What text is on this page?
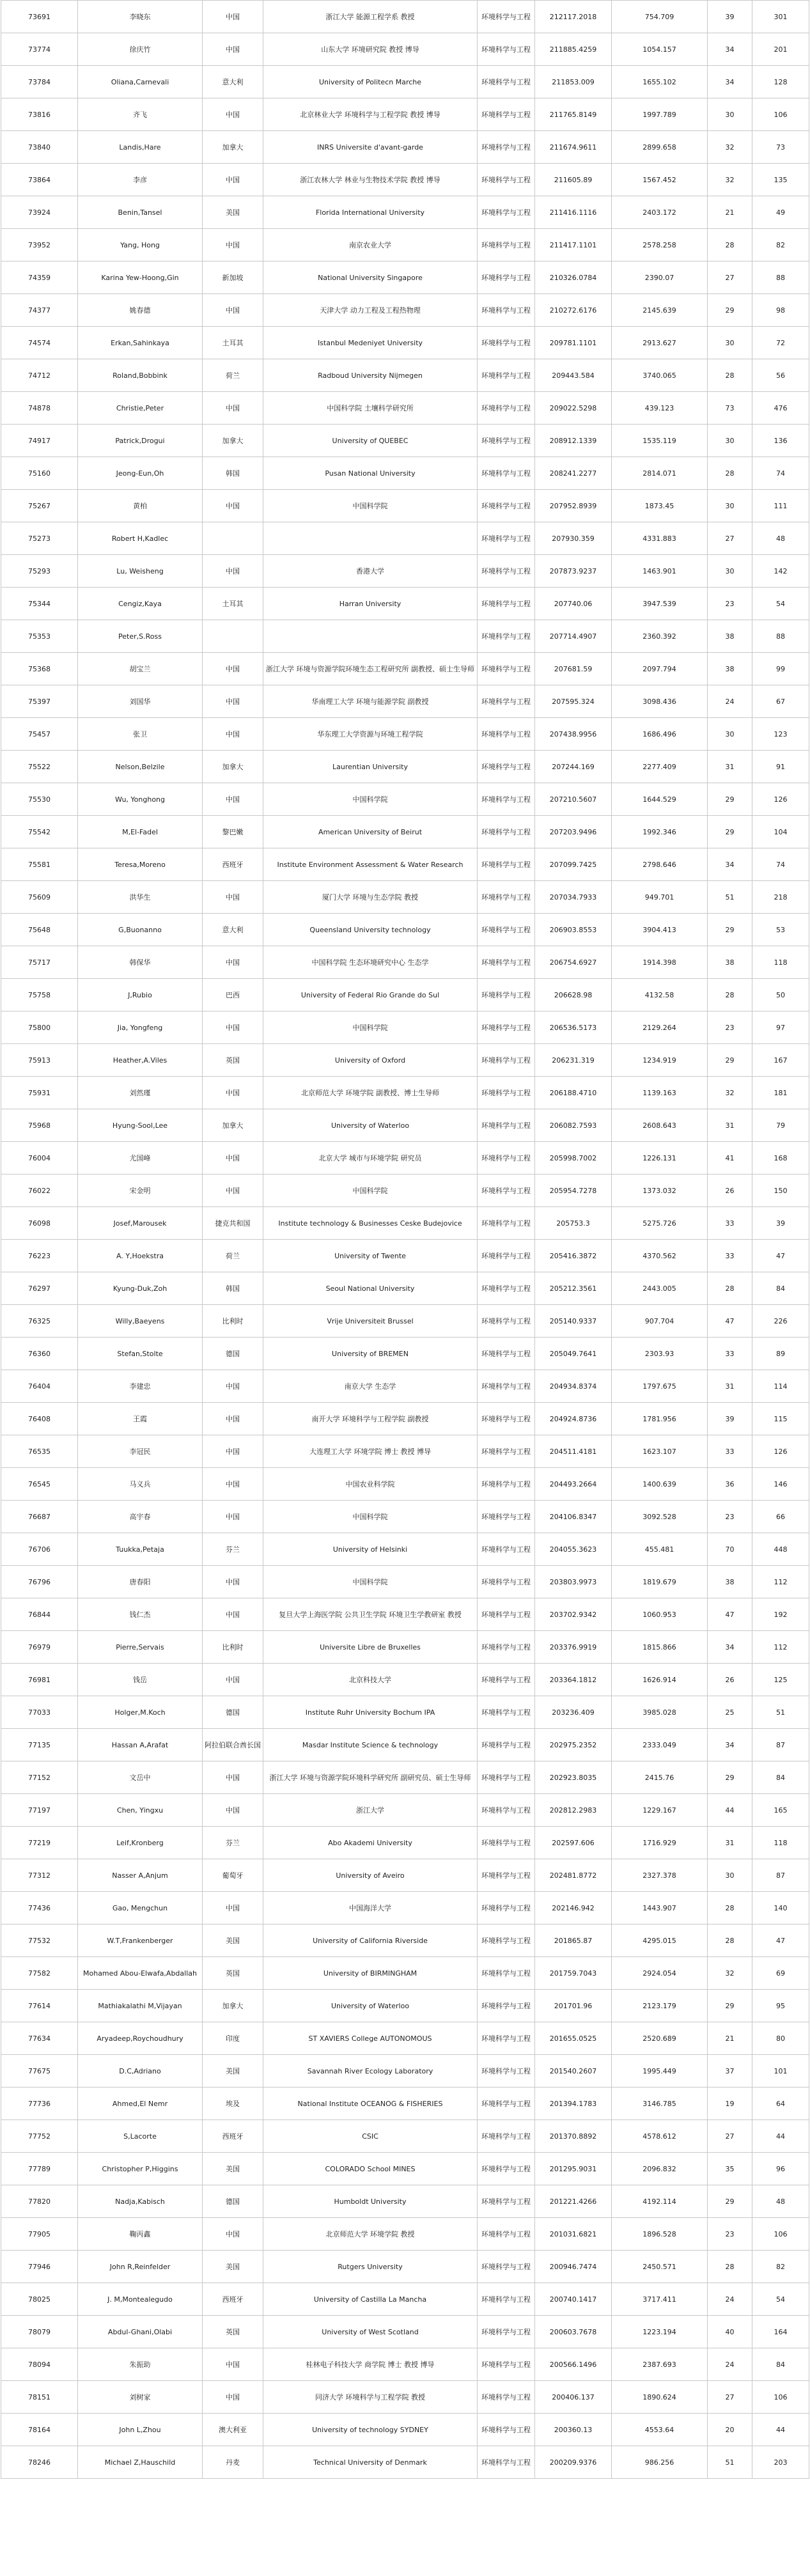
73691	李晓东	中国	浙江大学 能源工程学系 教授	环境科学与工程	212117.2018	754.709	39	301
73774	徐庆竹	中国	山东大学 环境研究院 教授 博导	环境科学与工程	211885.4259	1054.157	34	201
73784	Oliana,Carnevali	意大利	University of Politecn Marche	环境科学与工程	211853.009	1655.102	34	128
73816	齐飞	中国	北京林业大学 环境科学与工程学院 教授 博导	环境科学与工程	211765.8149	1997.789	30	106
73840	Landis,Hare	加拿大	INRS Universite d'avant-garde	环境科学与工程	211674.9611	2899.658	32	73
73864	李彦	中国	浙江农林大学 林业与生物技术学院 教授 博导	环境科学与工程	211605.89	1567.452	32	135
73924	Benin,Tansel	美国	Florida International University	环境科学与工程	211416.1116	2403.172	21	49
73952	Yang, Hong	中国	南京农业大学	环境科学与工程	211417.1101	2578.258	28	82
74359	Karina Yew-Hoong,Gin	新加坡	National University Singapore	环境科学与工程	210326.0784	2390.07	27	88
74377	姚春德	中国	天津大学 动力工程及工程热物理	环境科学与工程	210272.6176	2145.639	29	98
74574	Erkan,Sahinkaya	土耳其	Istanbul Medeniyet University	环境科学与工程	209781.1101	2913.627	30	72
74712	Roland,Bobbink	荷兰	Radboud University Nijmegen	环境科学与工程	209443.584	3740.065	28	56
74878	Christie,Peter	中国	中国科学院 土壤科学研究所	环境科学与工程	209022.5298	439.123	73	476
74917	Patrick,Drogui	加拿大	University of QUEBEC	环境科学与工程	208912.1339	1535.119	30	136
75160	Jeong-Eun,Oh	韩国	Pusan National University	环境科学与工程	208241.2277	2814.071	28	74
75267	黄柏	中国	中国科学院	环境科学与工程	207952.8939	1873.45	30	111
75273	Robert H,Kadlec			环境科学与工程	207930.359	4331.883	27	48
75293	Lu, Weisheng	中国	香港大学	环境科学与工程	207873.9237	1463.901	30	142
75344	Cengiz,Kaya	土耳其	Harran University	环境科学与工程	207740.06	3947.539	23	54
75353	Peter,S.Ross			环境科学与工程	207714.4907	2360.392	38	88
75368	胡宝兰	中国	浙江大学 环境与资源学院环境生态工程研究所 副教授、硕士生导师	环境科学与工程	207681.59	2097.794	38	99
75397	刘国华	中国	华南理工大学 环境与能源学院 副教授	环境科学与工程	207595.324	3098.436	24	67
75457	张卫	中国	华东理工大学资源与环境工程学院	环境科学与工程	207438.9956	1686.496	30	123
75522	Nelson,Belzile	加拿大	Laurentian University	环境科学与工程	207244.169	2277.409	31	91
75530	Wu, Yonghong	中国	中国科学院	环境科学与工程	207210.5607	1644.529	29	126
75542	M,El-Fadel	黎巴嫩	American University of Beirut	环境科学与工程	207203.9496	1992.346	29	104
75581	Teresa,Moreno	西班牙	Institute Environment Assessment & Water Research	环境科学与工程	207099.7425	2798.646	34	74
75609	洪华生	中国	厦门大学 环境与生态学院 教授	环境科学与工程	207034.7933	949.701	51	218
75648	G,Buonanno	意大利	Queensland University technology	环境科学与工程	206903.8553	3904.413	29	53
75717	韩保华	中国	中国科学院 生态环境研究中心 生态学	环境科学与工程	206754.6927	1914.398	38	118
75758	J,Rubio	巴西	University of Federal Rio Grande do Sul	环境科学与工程	206628.98	4132.58	28	50
75800	Jia, Yongfeng	中国	中国科学院	环境科学与工程	206536.5173	2129.264	23	97
75913	Heather,A.Viles	英国	University of Oxford	环境科学与工程	206231.319	1234.919	29	167
75931	刘然瑾	中国	北京师范大学 环境学院 副教授、博士生导师	环境科学与工程	206188.4710	1139.163	32	181
75968	Hyung-Sool,Lee	加拿大	University of Waterloo	环境科学与工程	206082.7593	2608.643	31	79
76004	尤国峰	中国	北京大学 城市与环境学院 研究员	环境科学与工程	205998.7002	1226.131	41	168
76022	宋金明	中国	中国科学院	环境科学与工程	205954.7278	1373.032	26	150
76098	Josef,Marousek	捷克共和国	Institute technology & Businesses Ceske Budejovice	环境科学与工程	205753.3	5275.726	33	39
76223	A. Y,Hoekstra	荷兰	University of Twente	环境科学与工程	205416.3872	4370.562	33	47
76297	Kyung-Duk,Zoh	韩国	Seoul National University	环境科学与工程	205212.3561	2443.005	28	84
76325	Willy,Baeyens	比利时	Vrije Universiteit Brussel	环境科学与工程	205140.9337	907.704	47	226
76360	Stefan,Stolte	德国	University of BREMEN	环境科学与工程	205049.7641	2303.93	33	89
76404	李建忠	中国	南京大学 生态学	环境科学与工程	204934.8374	1797.675	31	114
76408	王霞	中国	南开大学 环境科学与工程学院 副教授	环境科学与工程	204924.8736	1781.956	39	115
76535	李冠民	中国	大连理工大学 环境学院 博士 教授 博导	环境科学与工程	204511.4181	1623.107	33	126
76545	马义兵	中国	中国农业科学院	环境科学与工程	204493.2664	1400.639	36	146
76687	高宇春	中国	中国科学院	环境科学与工程	204106.8347	3092.528	23	66
76706	Tuukka,Petaja	芬兰	University of Helsinki	环境科学与工程	204055.3623	455.481	70	448
76796	唐春阳	中国	中国科学院	环境科学与工程	203803.9973	1819.679	38	112
76844	钱仁杰	中国	复旦大学上海医学院 公共卫生学院 环境卫生学教研室 教授	环境科学与工程	203702.9342	1060.953	47	192
76979	Pierre,Servais	比利时	Universite Libre de Bruxelles	环境科学与工程	203376.9919	1815.866	34	112
76981	钱岳	中国	北京科技大学	环境科学与工程	203364.1812	1626.914	26	125
77033	Holger,M.Koch	德国	Institute Ruhr University Bochum IPA	环境科学与工程	203236.409	3985.028	25	51
77135	Hassan A,Arafat	阿拉伯联合酋长国	Masdar Institute Science & technology	环境科学与工程	202975.2352	2333.049	34	87
77152	文岳中	中国	浙江大学 环境与资源学院环境科学研究所 副研究员、硕士生导师	环境科学与工程	202923.8035	2415.76	29	84
77197	Chen, Yingxu	中国	浙江大学	环境科学与工程	202812.2983	1229.167	44	165
77219	Leif,Kronberg	芬兰	Abo Akademi University	环境科学与工程	202597.606	1716.929	31	118
77312	Nasser A,Anjum	葡萄牙	University of Aveiro	环境科学与工程	202481.8772	2327.378	30	87
77436	Gao, Mengchun	中国	中国海洋大学	环境科学与工程	202146.942	1443.907	28	140
77532	W.T,Frankenberger	美国	University of California Riverside	环境科学与工程	201865.87	4295.015	28	47
77582	Mohamed Abou-Elwafa,Abdallah	英国	University of BIRMINGHAM	环境科学与工程	201759.7043	2924.054	32	69
77614	Mathiakalathi M,Vijayan	加拿大	University of Waterloo	环境科学与工程	201701.96	2123.179	29	95
77634	Aryadeep,Roychoudhury	印度	ST XAVIERS College AUTONOMOUS	环境科学与工程	201655.0525	2520.689	21	80
77675	D.C,Adriano	美国	Savannah River Ecology Laboratory	环境科学与工程	201540.2607	1995.449	37	101
77736	Ahmed,El Nemr	埃及	National Institute OCEANOG & FISHERIES	环境科学与工程	201394.1783	3146.785	19	64
77752	S,Lacorte	西班牙	CSIC	环境科学与工程	201370.8892	4578.612	27	44
77789	Christopher P,Higgins	美国	COLORADO School MINES	环境科学与工程	201295.9031	2096.832	35	96
77820	Nadja,Kabisch	德国	Humboldt University	环境科学与工程	201221.4266	4192.114	29	48
77905	鞠丙鑫	中国	北京师范大学 环境学院 教授	环境科学与工程	201031.6821	1896.528	23	106
77946	John R,Reinfelder	美国	Rutgers University	环境科学与工程	200946.7474	2450.571	28	82
78025	J. M,Montealegudo	西班牙	University of Castilla La Mancha	环境科学与工程	200740.1417	3717.411	24	54
78079	Abdul-Ghani,Olabi	英国	University of West Scotland	环境科学与工程	200603.7678	1223.194	40	164
78094	朱振助	中国	桂林电子科技大学 商学院 博士 教授 博导	环境科学与工程	200566.1496	2387.693	24	84
78151	刘树家	中国	同济大学 环境科学与工程学院 教授	环境科学与工程	200406.137	1890.624	27	106
78164	John L,Zhou	澳大利亚	University of technology SYDNEY	环境科学与工程	200360.13	4553.64	20	44
78246	Michael Z,Hauschild	丹麦	Technical University of Denmark	环境科学与工程	200209.9376	986.256	51	203
